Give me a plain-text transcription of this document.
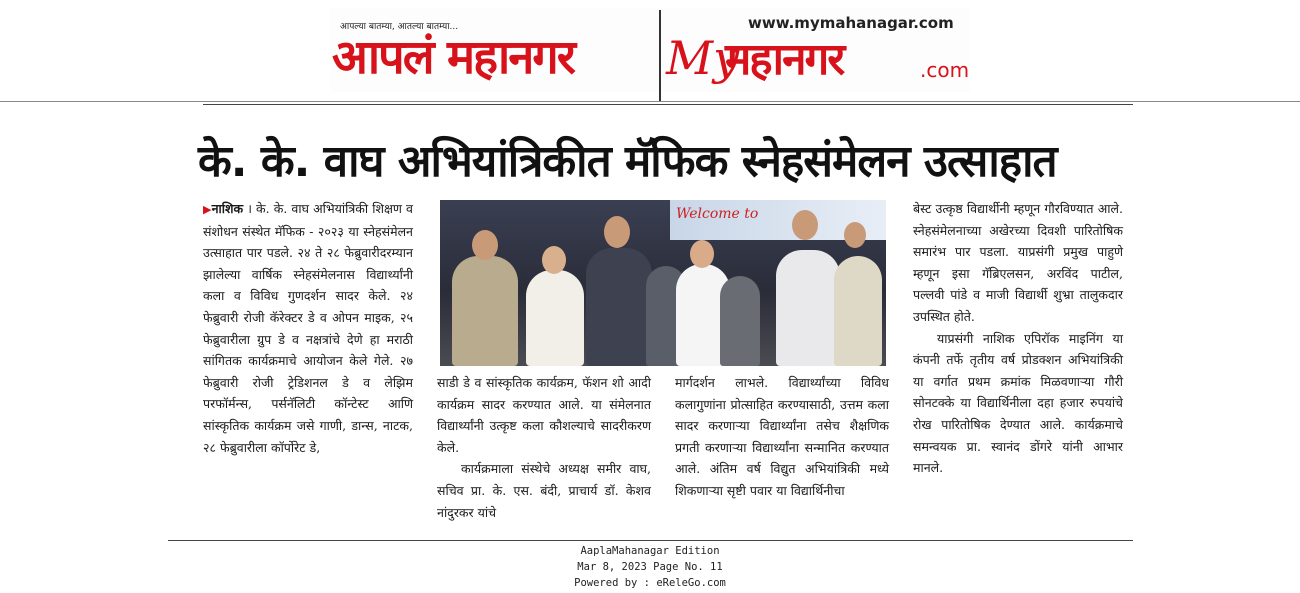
आपल्या बातम्या, आतल्या बातम्या...
आपलं महानगर
www.mymahanagar.com
My
महानगर	.com
के. के. वाघ अभियांत्रिकीत मॅफिक स्नेहसंमेलन उत्साहात

▶नाशिक । के. के. वाघ अभियांत्रिकी शिक्षण व संशोधन संस्थेत मॅफिक - २०२३ या स्नेहसंमेलन उत्साहात पार पडले. २४ ते २८ फेब्रुवारीदरम्यान झालेल्या वार्षिक स्नेहसंमेलनास विद्यार्थ्यांनी कला व विविध गुणदर्शन सादर केले. २४ फेब्रुवारी रोजी कॅरेक्टर डे व ओपन माइक, २५ फेब्रुवारीला ग्रुप डे व नक्षत्रांचे देणे हा मराठी सांगितक कार्यक्रमाचे आयोजन केले गेले. २७ फेब्रुवारी रोजी ट्रेडिशनल डे व लेझिम परफॉर्मन्स, पर्सनॅलिटी कॉन्टेस्ट आणि सांस्कृतिक कार्यक्रम जसे गाणी, डान्स, नाटक, २८ फेब्रुवारीला कॉर्पोरेट डे,

Welcome to

साडी डे व सांस्कृतिक कार्यक्रम, फॅशन शो आदी कार्यक्रम सादर करण्यात आले. या संमेलनात विद्यार्थ्यांनी उत्कृष्ट कला कौशल्याचे सादरीकरण केले.

कार्यक्रमाला संस्थेचे अध्यक्ष समीर वाघ, सचिव प्रा. के. एस. बंदी, प्राचार्य डॉ. केशव नांदुरकर यांचे

मार्गदर्शन लाभले. विद्यार्थ्यांच्या विविध कलागुणांना प्रोत्साहित करण्यासाठी, उत्तम कला सादर करणाऱ्या विद्यार्थ्यांना तसेच शैक्षणिक प्रगती करणाऱ्या विद्यार्थ्यांना सन्मानित करण्यात आले. अंतिम वर्ष विद्युत अभियांत्रिकी मध्ये शिकणाऱ्या सृष्टी पवार या विद्यार्थिनीचा

बेस्ट उत्कृष्ठ विद्यार्थीनी म्हणून गौरविण्यात आले. स्नेहसंमेलनाच्या अखेरच्या दिवशी पारितोषिक समारंभ पार पडला. याप्रसंगी प्रमुख पाहुणे म्हणून इसा गॅब्रिएलसन, अरविंद पाटील, पल्लवी पांडे व माजी विद्यार्थी शुभ्रा तालुकदार उपस्थित होते.

याप्रसंगी नाशिक एपिरॉक माइनिंग या कंपनी तर्फे तृतीय वर्ष प्रोडक्शन अभियांत्रिकी या वर्गात प्रथम क्रमांक मिळवणाऱ्या गौरी सोनटक्के या विद्यार्थिनीला दहा हजार रुपयांचे रोख पारितोषिक देण्यात आले. कार्यक्रमाचे समन्वयक प्रा. स्वानंद डोंगरे यांनी आभार मानले.

AaplaMahanagar Edition
Mar 8, 2023 Page No. 11
Powered by : eReleGo.com
